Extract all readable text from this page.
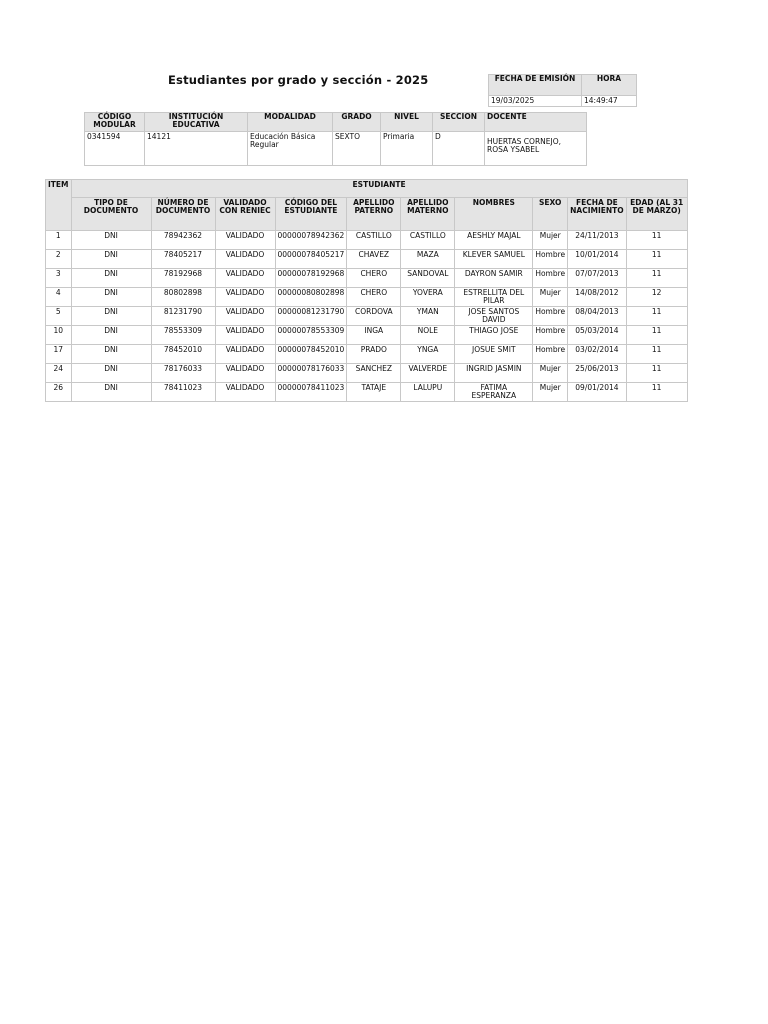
Estudiantes por grado y sección - 2025	FECHA DE EMISIÓN	HORA
19/03/2025	14:49:47
CÓDIGO MODULAR	INSTITUCIÓN EDUCATIVA	MODALIDAD	GRADO	NIVEL	SECCION	DOCENTE
0341594	14121	Educación Básica Regular	SEXTO	Primaria	D	HUERTAS CORNEJO, ROSA YSABEL
ITEM	ESTUDIANTE									
	TIPO DE DOCUMENTO	NÚMERO DE DOCUMENTO	VALIDADO CON RENIEC	CÓDIGO DEL ESTUDIANTE	APELLIDO PATERNO	APELLIDO MATERNO	NOMBRES	SEXO	FECHA DE NACIMIENTO	EDAD (AL 31 DE MARZO)
1	DNI	78942362	VALIDADO	00000078942362	CASTILLO	CASTILLO	AESHLY MAJAL	Mujer	24/11/2013	11
2	DNI	78405217	VALIDADO	00000078405217	CHAVEZ	MAZA	KLEVER SAMUEL	Hombre	10/01/2014	11
3	DNI	78192968	VALIDADO	00000078192968	CHERO	SANDOVAL	DAYRON SAMIR	Hombre	07/07/2013	11
4	DNI	80802898	VALIDADO	00000080802898	CHERO	YOVERA	ESTRELLITA DEL PILAR	Mujer	14/08/2012	12
5	DNI	81231790	VALIDADO	00000081231790	CORDOVA	YMAN	JOSE SANTOS DAVID	Hombre	08/04/2013	11
10	DNI	78553309	VALIDADO	00000078553309	INGA	NOLE	THIAGO JOSE	Hombre	05/03/2014	11
17	DNI	78452010	VALIDADO	00000078452010	PRADO	YNGA	JOSUE SMIT	Hombre	03/02/2014	11
24	DNI	78176033	VALIDADO	00000078176033	SANCHEZ	VALVERDE	INGRID JASMIN	Mujer	25/06/2013	11
26	DNI	78411023	VALIDADO	00000078411023	TATAJE	LALUPU	FATIMA ESPERANZA	Mujer	09/01/2014	11
